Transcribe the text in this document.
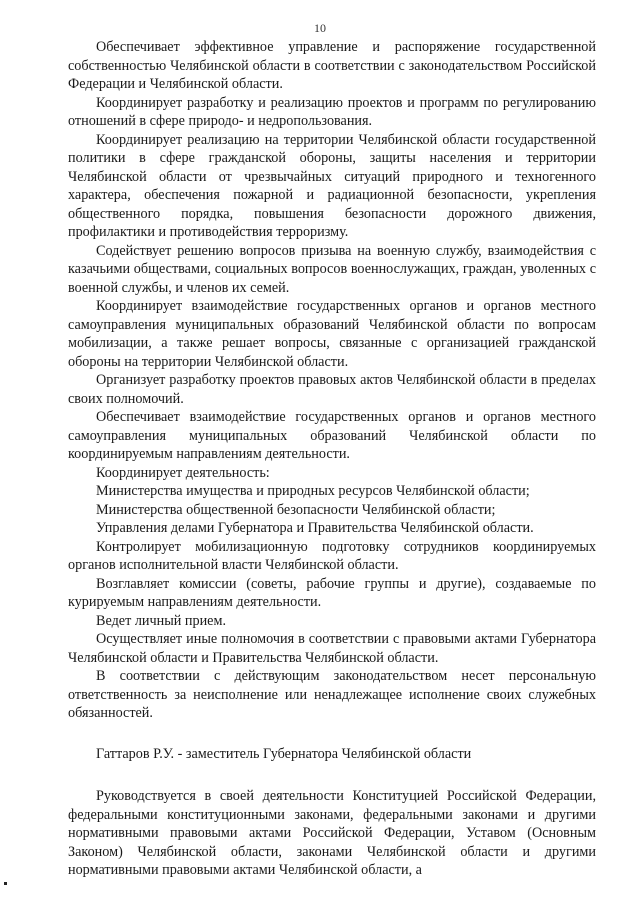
10

Обеспечивает эффективное управление и распоряжение государственной собственностью Челябинской области в соответствии с законодательством Российской Федерации и Челябинской области.

Координирует разработку и реализацию проектов и программ по регулированию отношений в сфере природо- и недропользования.

Координирует реализацию на территории Челябинской области государственной политики в сфере гражданской обороны, защиты населения и территории Челябинской области от чрезвычайных ситуаций природного и техногенного характера, обеспечения пожарной и радиационной безопасности, укрепления общественного порядка, повышения безопасности дорожного движения, профилактики и противодействия терроризму.

Содействует решению вопросов призыва на военную службу, взаимодействия с казачьими обществами, социальных вопросов военнослужащих, граждан, уволенных с военной службы, и членов их семей.

Координирует взаимодействие государственных органов и органов местного самоуправления муниципальных образований Челябинской области по вопросам мобилизации, а также решает вопросы, связанные с организацией гражданской обороны на территории Челябинской области.

Организует разработку проектов правовых актов Челябинской области в пределах своих полномочий.

Обеспечивает взаимодействие государственных органов и органов местного самоуправления муниципальных образований Челябинской области по координируемым направлениям деятельности.

Координирует деятельность:

Министерства имущества и природных ресурсов Челябинской области;

Министерства общественной безопасности Челябинской области;

Управления делами Губернатора и Правительства Челябинской области.

Контролирует мобилизационную подготовку сотрудников координируемых органов исполнительной власти Челябинской области.

Возглавляет комиссии (советы, рабочие группы и другие), создаваемые по курируемым направлениям деятельности.

Ведет личный прием.

Осуществляет иные полномочия в соответствии с правовыми актами Губернатора Челябинской области и Правительства Челябинской области.

В соответствии с действующим законодательством несет персональную ответственность за неисполнение или ненадлежащее исполнение своих служебных обязанностей.

Гаттаров Р.У. - заместитель Губернатора Челябинской области

Руководствуется в своей деятельности Конституцией Российской Федерации, федеральными конституционными законами, федеральными законами и другими нормативными правовыми актами Российской Федерации, Уставом (Основным Законом) Челябинской области, законами Челябинской области и другими нормативными правовыми актами Челябинской области, а
